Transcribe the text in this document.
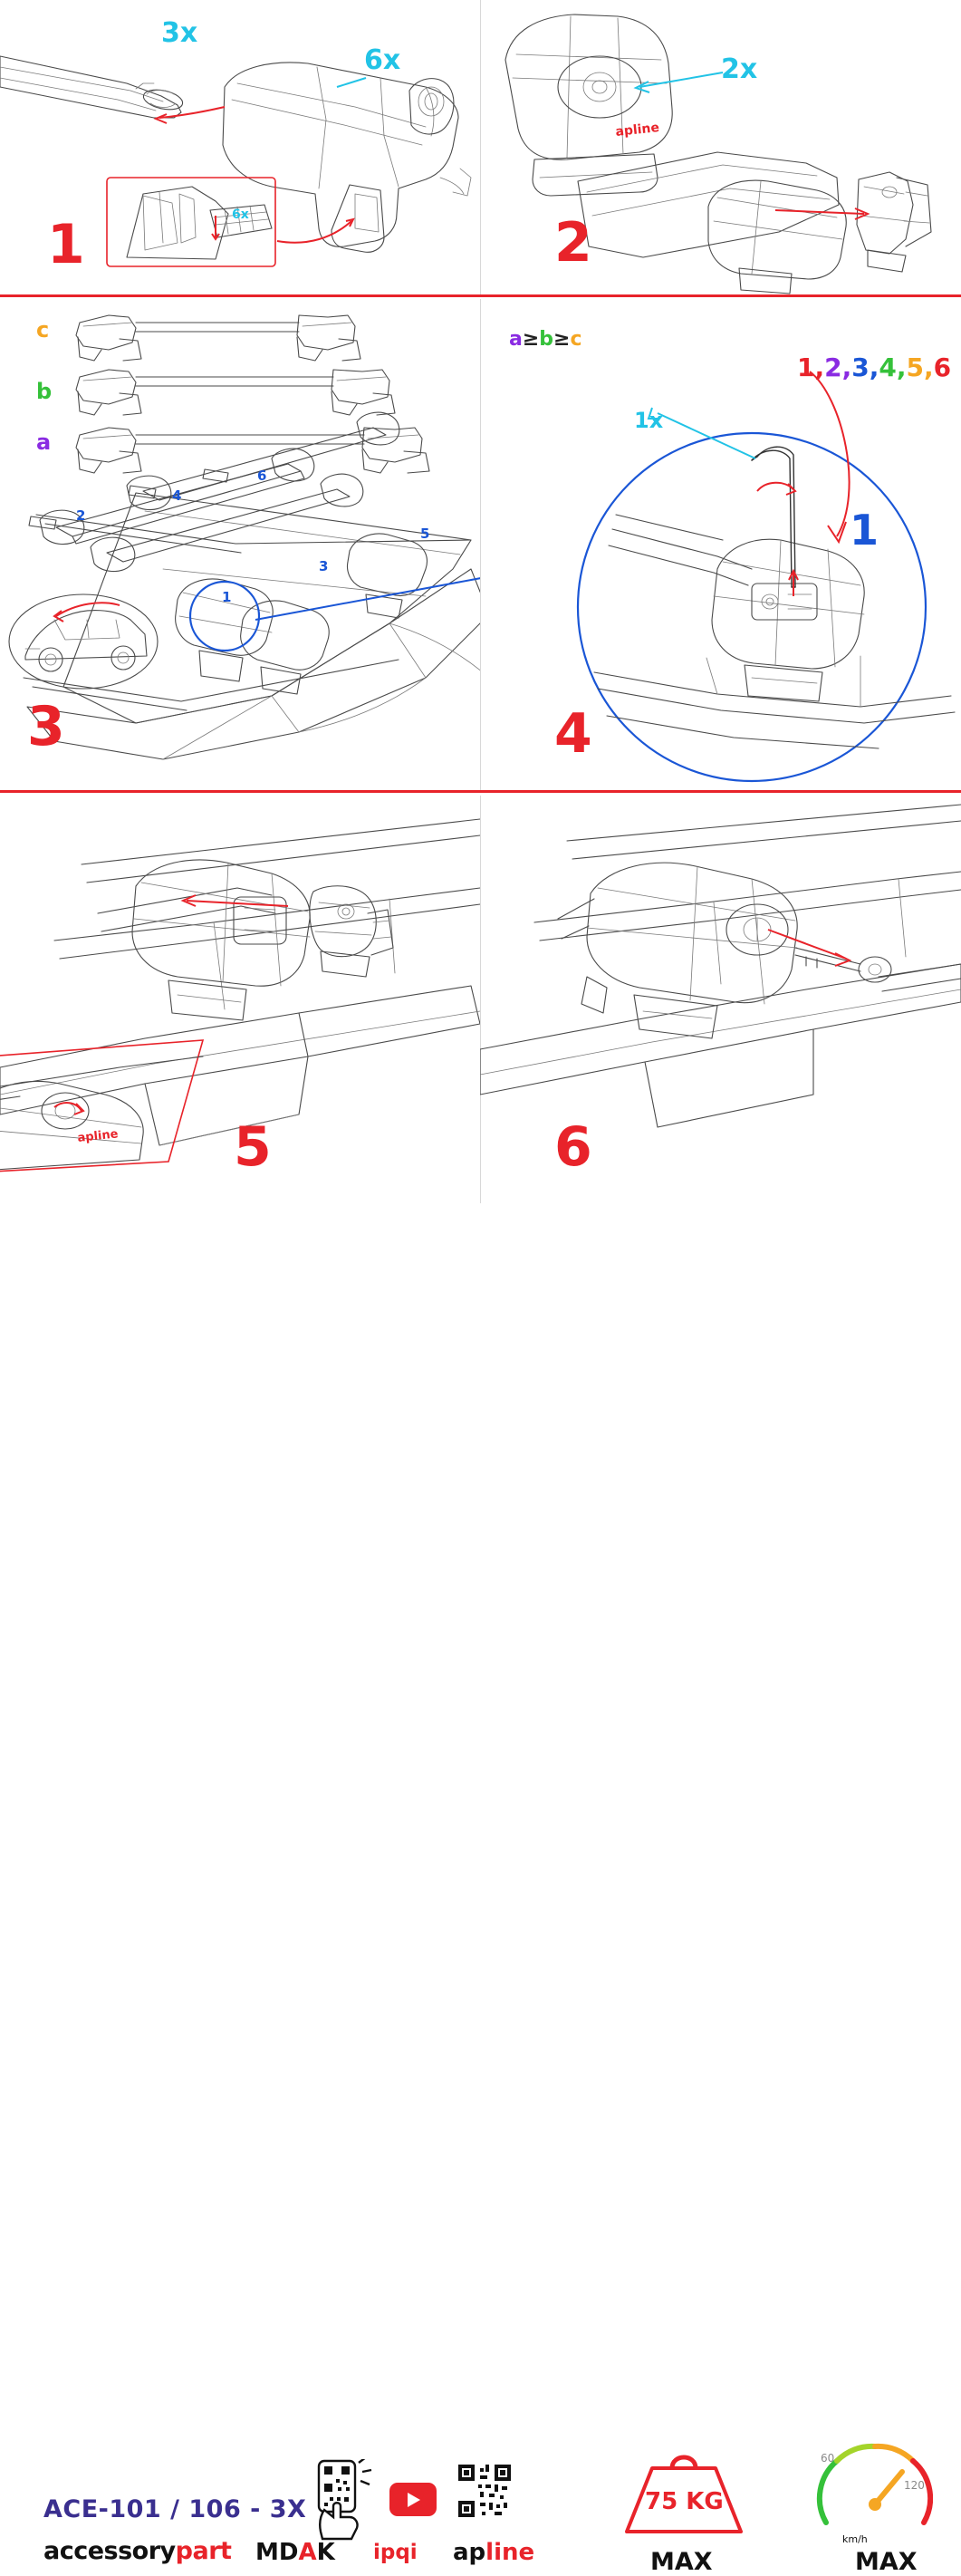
3x
6x
6x
1
apline
2x
2
c
b
a
a≥b≥c
1
2
3
4
5
6
3
1x
1,2,3,4,5,6
1
4
apline 5	6
ACE-101 / 106 - 3X
accessorypart MDAK ipqi apline
75 KG
MAX
km/h
60
120
MAX
